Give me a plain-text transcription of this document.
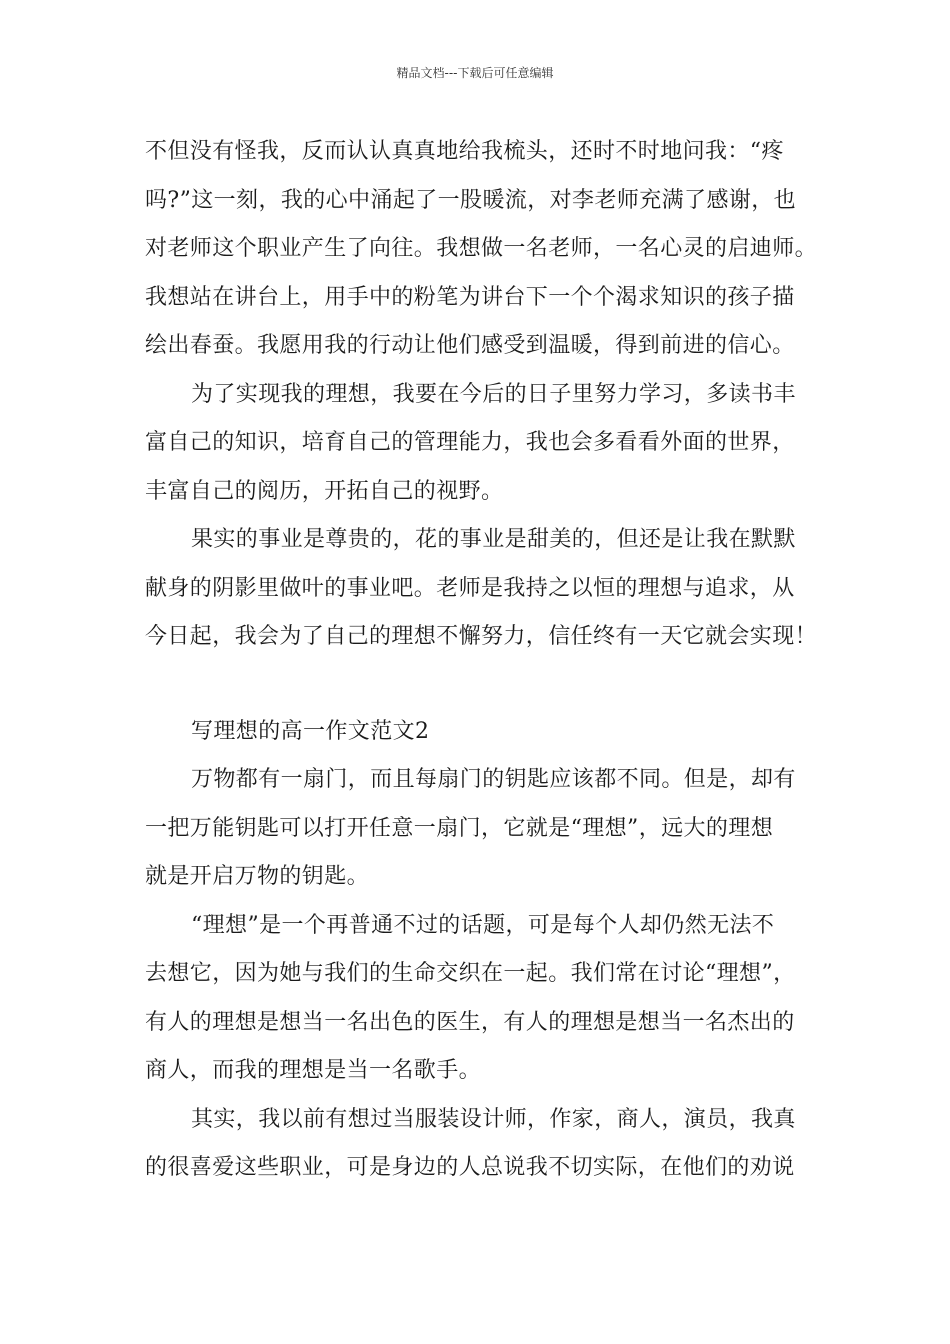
精品文档---下载后可任意编辑
不但没有怪我，反而认认真真地给我梳头，还时不时地问我：“疼
吗?”这一刻，我的心中涌起了一股暖流，对李老师充满了感谢，也
对老师这个职业产生了向往。我想做一名老师，一名心灵的启迪师。
我想站在讲台上，用手中的粉笔为讲台下一个个渴求知识的孩子描
绘出春蚕。我愿用我的行动让他们感受到温暖，得到前进的信心。
为了实现我的理想，我要在今后的日子里努力学习，多读书丰
富自己的知识，培育自己的管理能力，我也会多看看外面的世界，
丰富自己的阅历，开拓自己的视野。
果实的事业是尊贵的，花的事业是甜美的，但还是让我在默默
献身的阴影里做叶的事业吧。老师是我持之以恒的理想与追求，从
今日起，我会为了自己的理想不懈努力，信任终有一天它就会实现！
写理想的高一作文范文2
万物都有一扇门，而且每扇门的钥匙应该都不同。但是，却有
一把万能钥匙可以打开任意一扇门，它就是“理想”，远大的理想
就是开启万物的钥匙。
“理想”是一个再普通不过的话题，可是每个人却仍然无法不
去想它，因为她与我们的生命交织在一起。我们常在讨论“理想”，
有人的理想是想当一名出色的医生，有人的理想是想当一名杰出的
商人，而我的理想是当一名歌手。
其实，我以前有想过当服装设计师，作家，商人，演员，我真
的很喜爱这些职业，可是身边的人总说我不切实际，在他们的劝说
